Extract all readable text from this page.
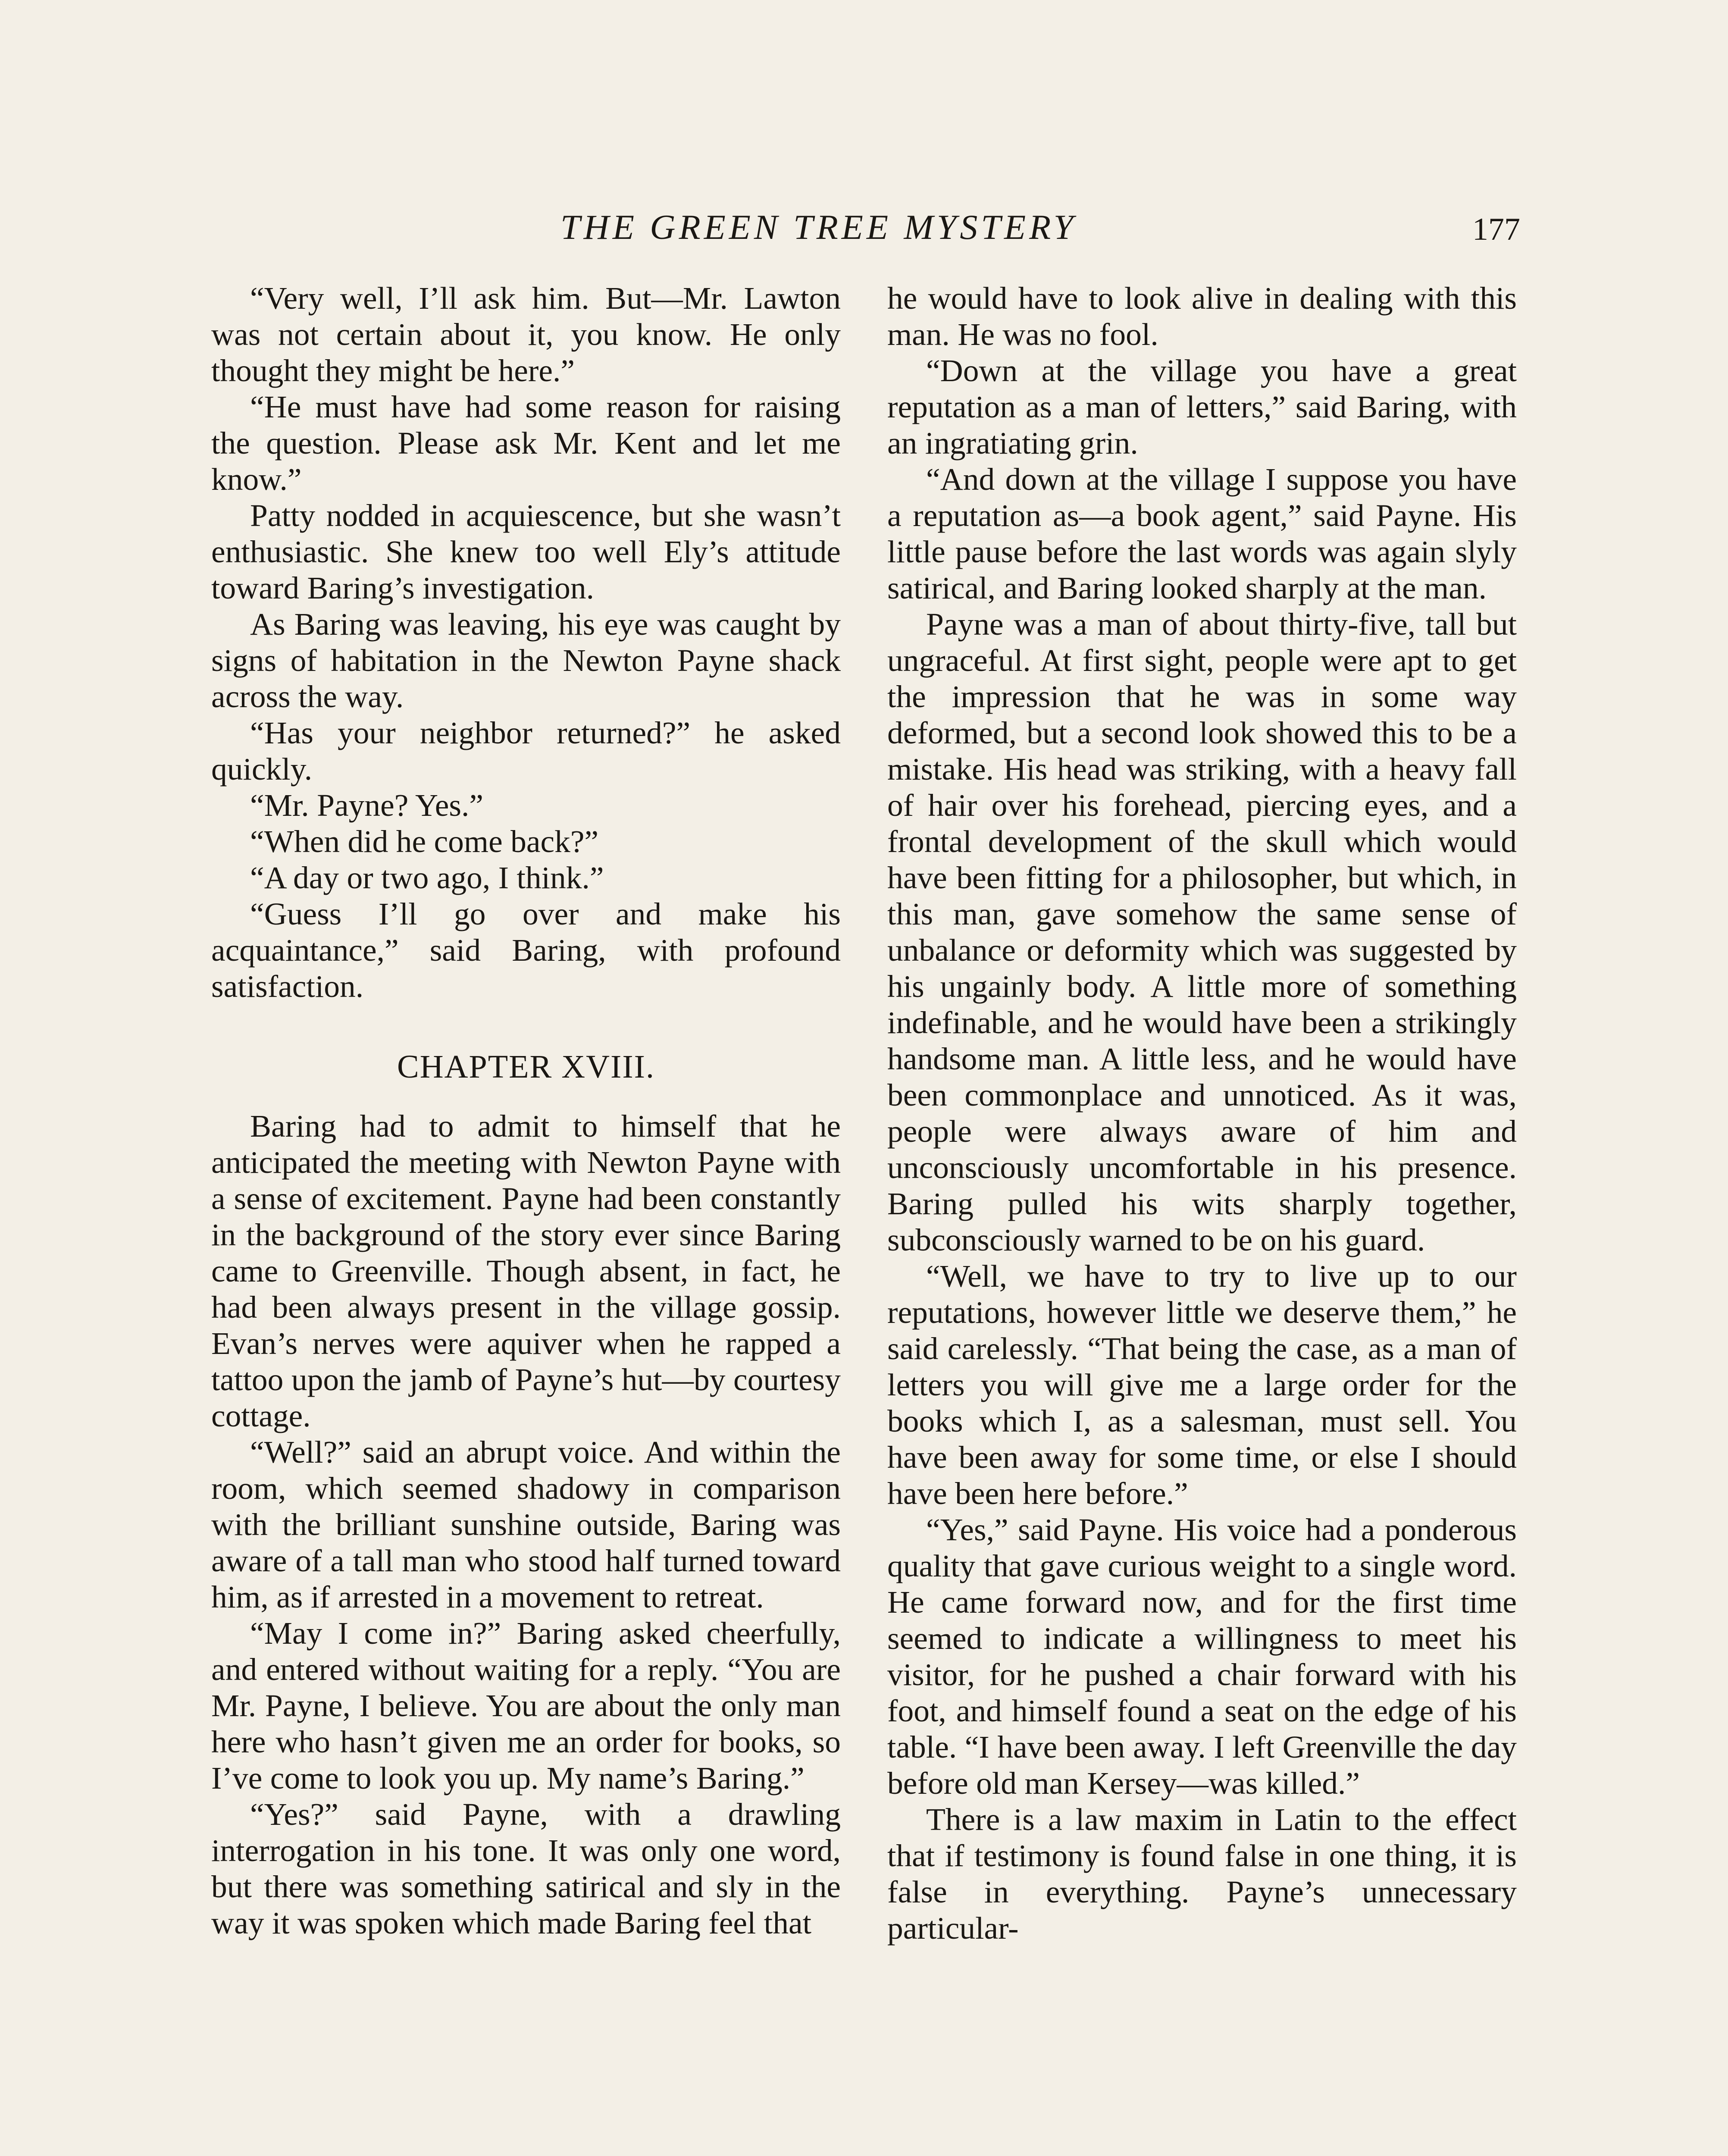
THE GREEN TREE MYSTERY	177

“Very well, I’ll ask him. But—Mr. Lawton was not certain about it, you know. He only thought they might be here.”

“He must have had some reason for raising the question. Please ask Mr. Kent and let me know.”

Patty nodded in acquiescence, but she wasn’t enthusiastic. She knew too well Ely’s attitude toward Baring’s investigation.

As Baring was leaving, his eye was caught by signs of habitation in the Newton Payne shack across the way.

“Has your neighbor returned?” he asked quickly.

“Mr. Payne? Yes.”

“When did he come back?”

“A day or two ago, I think.”

“Guess I’ll go over and make his acquaintance,” said Baring, with profound satisfaction.

CHAPTER XVIII.

Baring had to admit to himself that he anticipated the meeting with Newton Payne with a sense of excitement. Payne had been constantly in the background of the story ever since Baring came to Greenville. Though absent, in fact, he had been always present in the village gossip. Evan’s nerves were aquiver when he rapped a tattoo upon the jamb of Payne’s hut—by courtesy cottage.

“Well?” said an abrupt voice. And within the room, which seemed shadowy in comparison with the brilliant sunshine outside, Baring was aware of a tall man who stood half turned toward him, as if arrested in a movement to retreat.

“May I come in?” Baring asked cheerfully, and entered without waiting for a reply. “You are Mr. Payne, I believe. You are about the only man here who hasn’t given me an order for books, so I’ve come to look you up. My name’s Baring.”

“Yes?” said Payne, with a drawling interrogation in his tone. It was only one word, but there was something satirical and sly in the way it was spoken which made Baring feel that

he would have to look alive in dealing with this man. He was no fool.

“Down at the village you have a great reputation as a man of letters,” said Baring, with an ingratiating grin.

“And down at the village I suppose you have a reputation as—a book agent,” said Payne. His little pause before the last words was again slyly satirical, and Baring looked sharply at the man.

Payne was a man of about thirty-five, tall but ungraceful. At first sight, people were apt to get the impression that he was in some way deformed, but a second look showed this to be a mistake. His head was striking, with a heavy fall of hair over his forehead, piercing eyes, and a frontal development of the skull which would have been fitting for a philosopher, but which, in this man, gave somehow the same sense of unbalance or deformity which was suggested by his ungainly body. A little more of something indefinable, and he would have been a strikingly handsome man. A little less, and he would have been commonplace and unnoticed. As it was, people were always aware of him and unconsciously uncomfortable in his presence. Baring pulled his wits sharply together, subconsciously warned to be on his guard.

“Well, we have to try to live up to our reputations, however little we deserve them,” he said carelessly. “That being the case, as a man of letters you will give me a large order for the books which I, as a salesman, must sell. You have been away for some time, or else I should have been here before.”

“Yes,” said Payne. His voice had a ponderous quality that gave curious weight to a single word. He came forward now, and for the first time seemed to indicate a willingness to meet his visitor, for he pushed a chair forward with his foot, and himself found a seat on the edge of his table. “I have been away. I left Greenville the day before old man Kersey—was killed.”

There is a law maxim in Latin to the effect that if testimony is found false in one thing, it is false in everything. Payne’s unnecessary particular-
